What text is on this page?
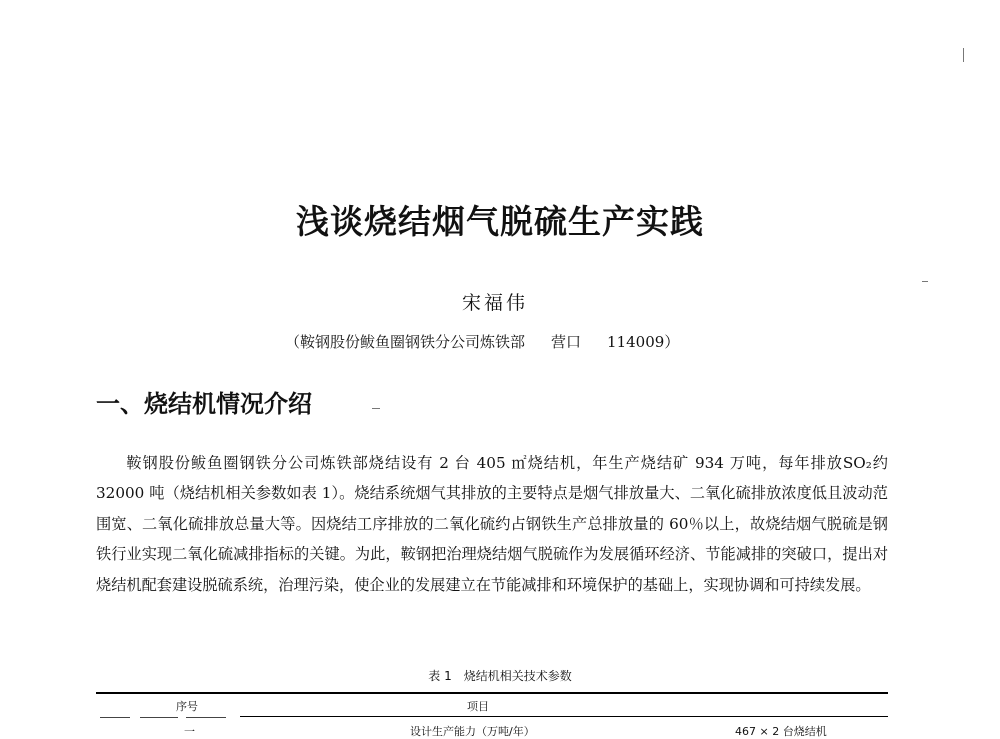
浅谈烧结烟气脱硫生产实践

宋福伟

（鞍钢股份鲅鱼圈钢铁分公司炼铁部 营口 114009）

一、烧结机情况介绍

鞍钢股份鲅鱼圈钢铁分公司炼铁部烧结设有 2 台 405 ㎡烧结机，年生产烧结矿 934 万吨，每年排放SO₂约 32000 吨（烧结机相关参数如表 1）。烧结系统烟气其排放的主要特点是烟气排放量大、二氧化硫排放浓度低且波动范围宽、二氧化硫排放总量大等。因烧结工序排放的二氧化硫约占钢铁生产总排放量的 60％以上，故烧结烟气脱硫是钢铁行业实现二氧化硫减排指标的关键。为此，鞍钢把治理烧结烟气脱硫作为发展循环经济、节能减排的突破口，提出对烧结机配套建设脱硫系统，治理污染，使企业的发展建立在节能减排和环境保护的基础上，实现协调和可持续发展。

表 1 烧结机相关技术参数
序号	项目
一	设计生产能力（万吨/年）	467 × 2 台烧结机
